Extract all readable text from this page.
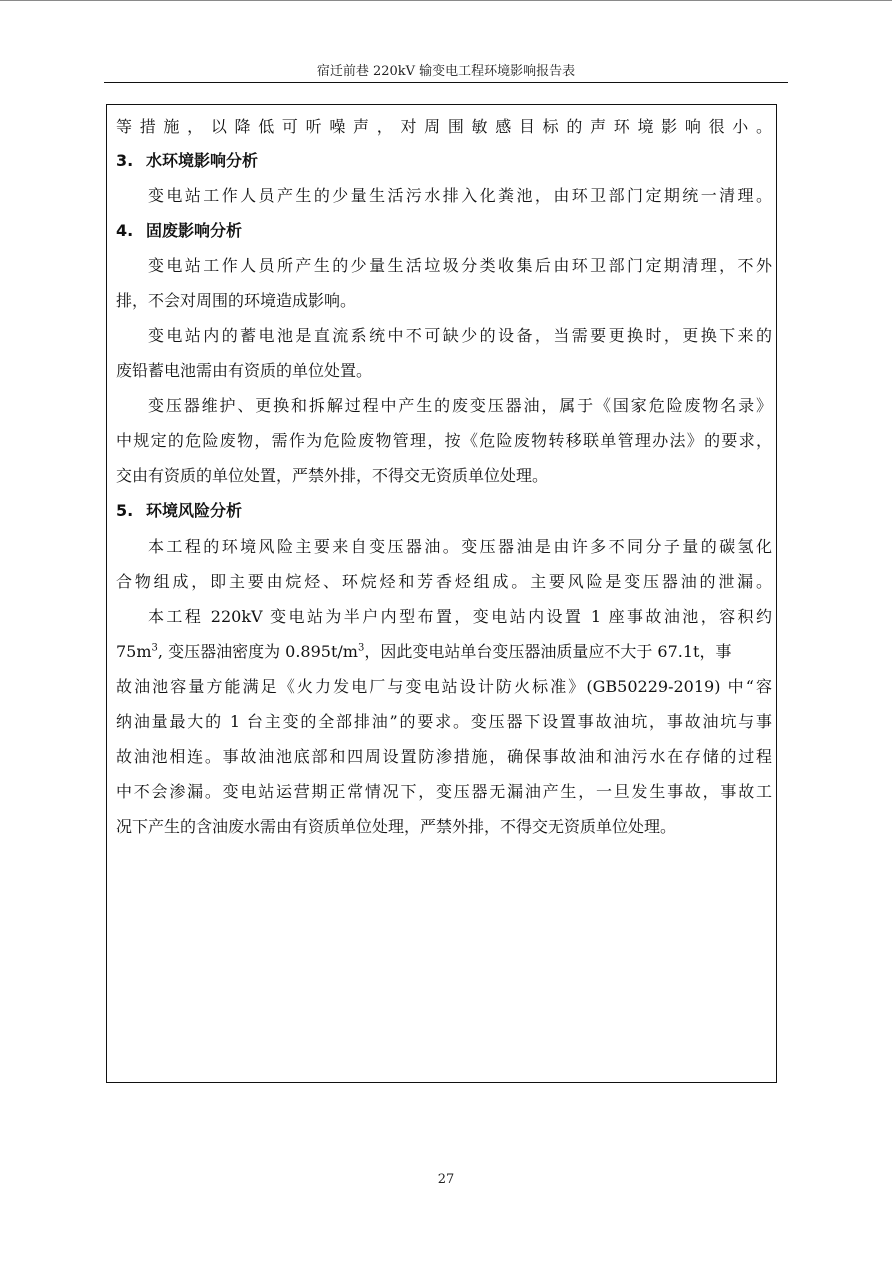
宿迁前巷 220kV 输变电工程环境影响报告表
等措施，以降低可听噪声，对周围敏感目标的声环境影响很小。
3. 水环境影响分析
变电站工作人员产生的少量生活污水排入化粪池，由环卫部门定期统一清理。
4. 固废影响分析
变电站工作人员所产生的少量生活垃圾分类收集后由环卫部门定期清理，不外
排，不会对周围的环境造成影响。
变电站内的蓄电池是直流系统中不可缺少的设备，当需要更换时，更换下来的
废铅蓄电池需由有资质的单位处置。
变压器维护、更换和拆解过程中产生的废变压器油，属于《国家危险废物名录》
中规定的危险废物，需作为危险废物管理，按《危险废物转移联单管理办法》的要求，
交由有资质的单位处置，严禁外排，不得交无资质单位处理。
5. 环境风险分析
本工程的环境风险主要来自变压器油。变压器油是由许多不同分子量的碳氢化
合物组成，即主要由烷烃、环烷烃和芳香烃组成。主要风险是变压器油的泄漏。
本工程 220kV 变电站为半户内型布置，变电站内设置 1 座事故油池，容积约
$75m^3$, 变压器油密度为 $0.895t/m^3$，因此变电站单台变压器油质量应不大于 67.1t，事
故油池容量方能满足《火力发电厂与变电站设计防火标准》(GB50229-2019) 中“容
纳油量最大的 1 台主变的全部排油”的要求。变压器下设置事故油坑，事故油坑与事
故油池相连。事故油池底部和四周设置防渗措施，确保事故油和油污水在存储的过程
中不会渗漏。变电站运营期正常情况下，变压器无漏油产生，一旦发生事故，事故工
况下产生的含油废水需由有资质单位处理，严禁外排，不得交无资质单位处理。
27
